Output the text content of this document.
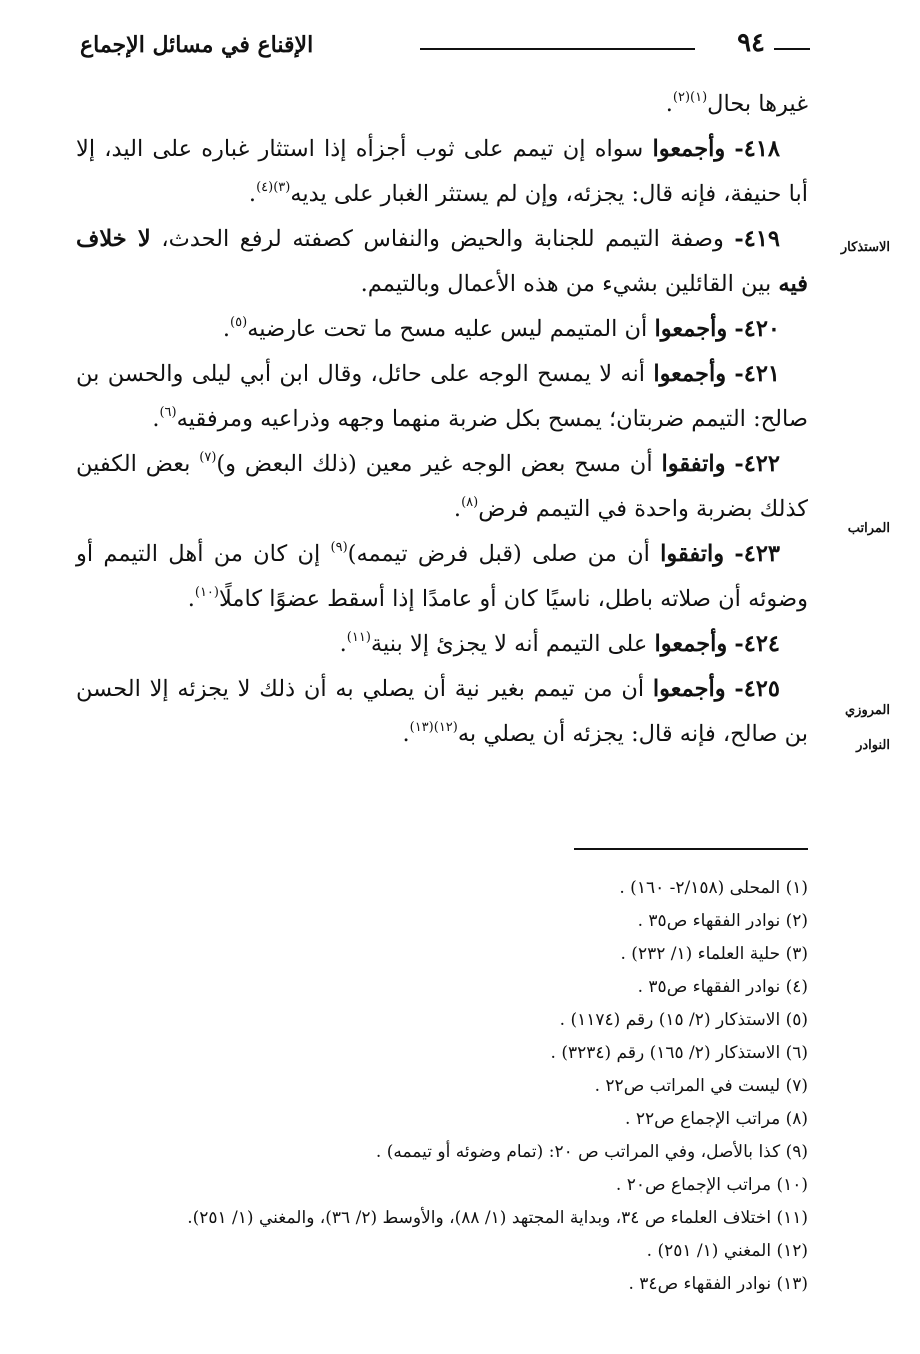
٩٤
الإقناع في مسائل الإجماع
الاستذكار
المراتب
المروزي
النوادر

غيرها بحال$^{(١)(٢)}$.

٤١٨- وأجمعوا سواه إن تيمم على ثوب أجزأه إذا استثار غباره على اليد، إلا أبا حنيفة، فإنه قال: يجزئه، وإن لم يستثر الغبار على يديه$^{(٣)(٤)}$.

٤١٩- وصفة التيمم للجنابة والحيض والنفاس كصفته لرفع الحدث، لا خلاف فيه بين القائلين بشيء من هذه الأعمال وبالتيمم.

٤٢٠- وأجمعوا أن المتيمم ليس عليه مسح ما تحت عارضيه$^{(٥)}$.

٤٢١- وأجمعوا أنه لا يمسح الوجه على حائل، وقال ابن أبي ليلى والحسن بن صالح: التيمم ضربتان؛ يمسح بكل ضربة منهما وجهه وذراعيه ومرفقيه$^{(٦)}$.

٤٢٢- واتفقوا أن مسح بعض الوجه غير معين (ذلك البعض و)$^{(٧)}$ بعض الكفين كذلك بضربة واحدة في التيمم فرض$^{(٨)}$.

٤٢٣- واتفقوا أن من صلى (قبل فرض تيممه)$^{(٩)}$ إن كان من أهل التيمم أو وضوئه أن صلاته باطل، ناسيًا كان أو عامدًا إذا أسقط عضوًا كاملًا$^{(١٠)}$.

٤٢٤- وأجمعوا على التيمم أنه لا يجزئ إلا بنية$^{(١١)}$.

٤٢٥- وأجمعوا أن من تيمم بغير نية أن يصلي به أن ذلك لا يجزئه إلا الحسن بن صالح، فإنه قال: يجزئه أن يصلي به$^{(١٢)(١٣)}$.

(١) المحلى (٢/١٥٨- ١٦٠) .
(٢) نوادر الفقهاء ص٣٥ .
(٣) حلية العلماء (١/ ٢٣٢) .
(٤) نوادر الفقهاء ص٣٥ .
(٥) الاستذكار (٢/ ١٥) رقم (١١٧٤) .
(٦) الاستذكار (٢/ ١٦٥) رقم (٣٢٣٤) .
(٧) ليست في المراتب ص٢٢ .
(٨) مراتب الإجماع ص٢٢ .
(٩) كذا بالأصل، وفي المراتب ص ٢٠: (تمام وضوئه أو تيممه) .
(١٠) مراتب الإجماع ص٢٠ .
(١١) اختلاف العلماء ص ٣٤، وبداية المجتهد (١/ ٨٨)، والأوسط (٢/ ٣٦)، والمغني (١/ ٢٥١).
(١٢) المغني (١/ ٢٥١) .
(١٣) نوادر الفقهاء ص٣٤ .
